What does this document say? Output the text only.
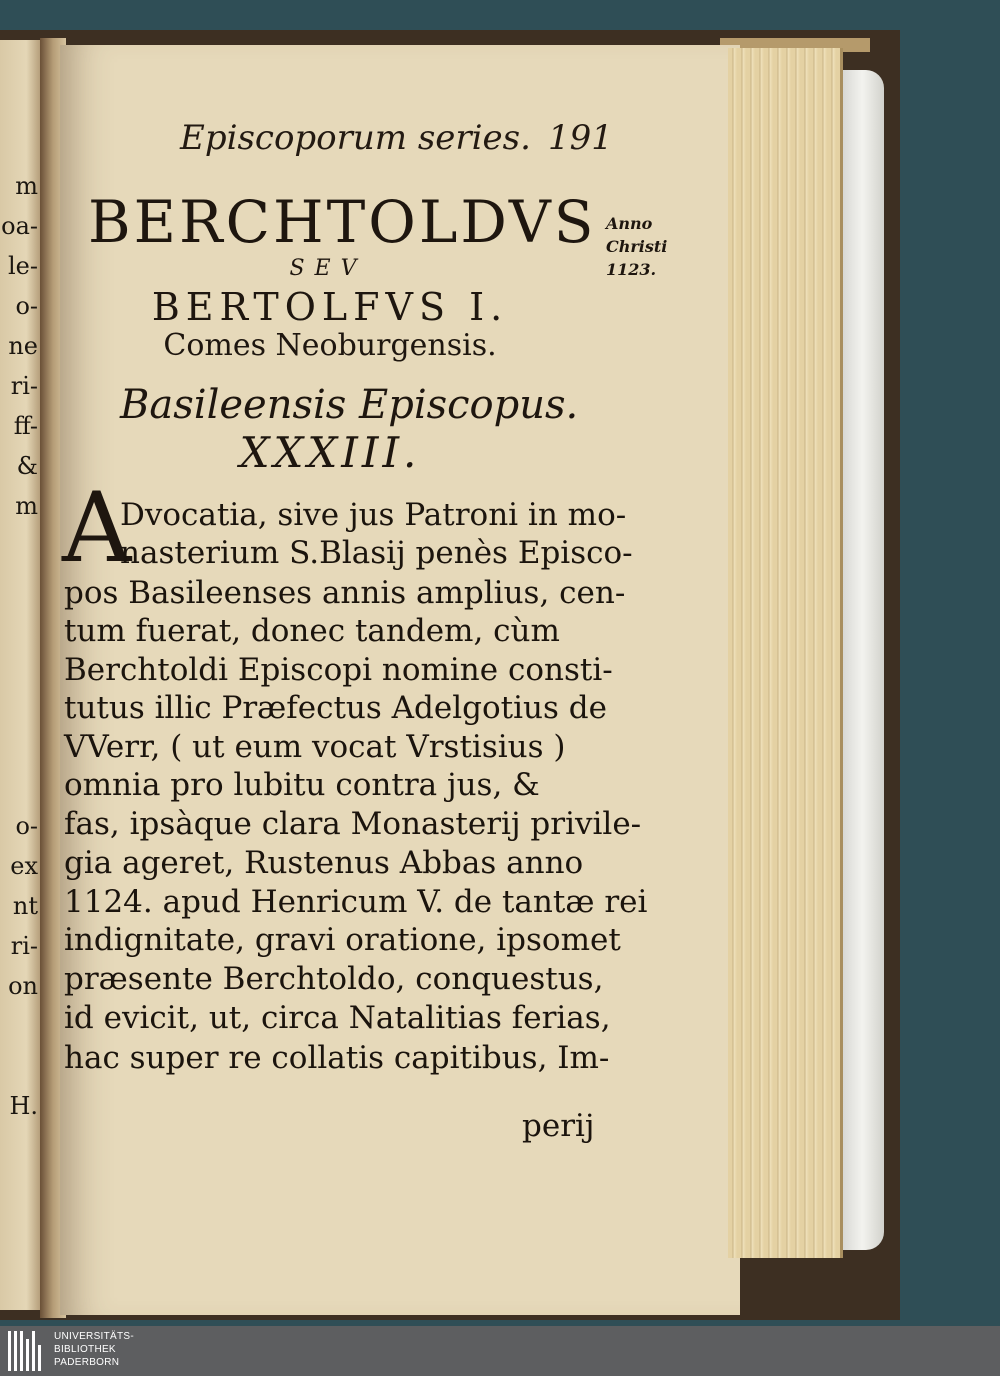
m
oa-
le-
o-
ne
ri-
ff-
&
m
o-
ex
nt
ri-
on
H.
Episcoporum series. 191
BERCHTOLDVS
SEV
BERTOLFVS I.
Comes Neoburgensis.
Basileensis Episcopus.
XXXIII.
Anno
Christi
1123.
A
Dvocatia, sive jus Patroni in mo-
nasterium S.Blasij penès Episco-
pos Basileenses annis amplius, cen-
tum fuerat, donec tandem, cùm
Berchtoldi Episcopi nomine consti-
tutus illic Præfectus Adelgotius de
VVerr, ( ut eum vocat Vrstisius )
omnia pro lubitu contra jus, &
fas, ipsàque clara Monasterij privile-
gia ageret, Rustenus Abbas anno
1124. apud Henricum V. de tantæ rei
indignitate, gravi oratione, ipsomet
præsente Berchtoldo, conquestus,
id evicit, ut, circa Natalitias ferias,
hac super re collatis capitibus, Im-
perij
UNIVERSITÄTS-
BIBLIOTHEK
PADERBORN
